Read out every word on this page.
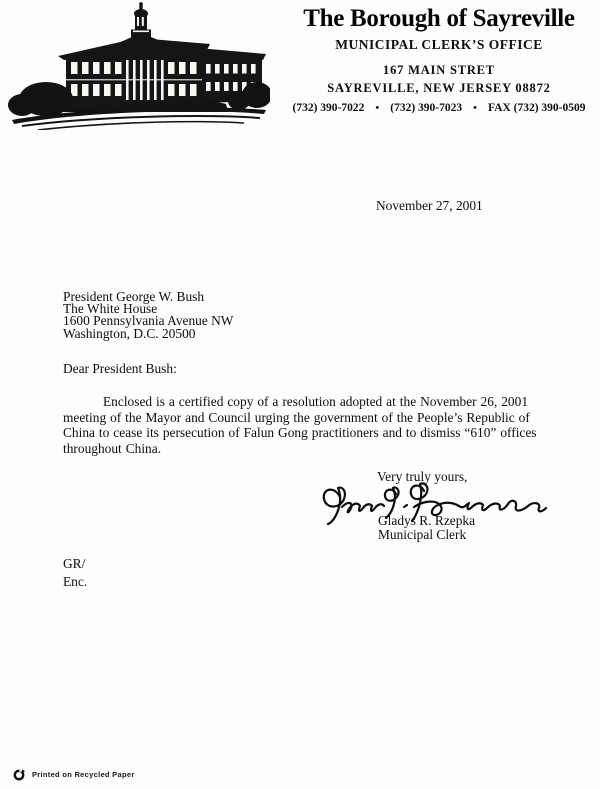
The Borough of Sayreville
MUNICIPAL CLERK’S OFFICE
167 MAIN STRET
SAYREVILLE, NEW JERSEY 08872
(732) 390-7022 • (732) 390-7023 • FAX (732) 390-0509
November 27, 2001
President George W. Bush
The White House
1600 Pennsylvania Avenue NW
Washington, D.C. 20500
Dear President Bush:
Enclosed is a certified copy of a resolution adopted at the November 26, 2001
meeting of the Mayor and Council urging the government of the People’s Republic of
China to cease its persecution of Falun Gong practitioners and to dismiss “610” offices
throughout China.
Very truly yours,
Gladys R. Rzepka
Municipal Clerk
GR/
Enc.
Printed on Recycled Paper
